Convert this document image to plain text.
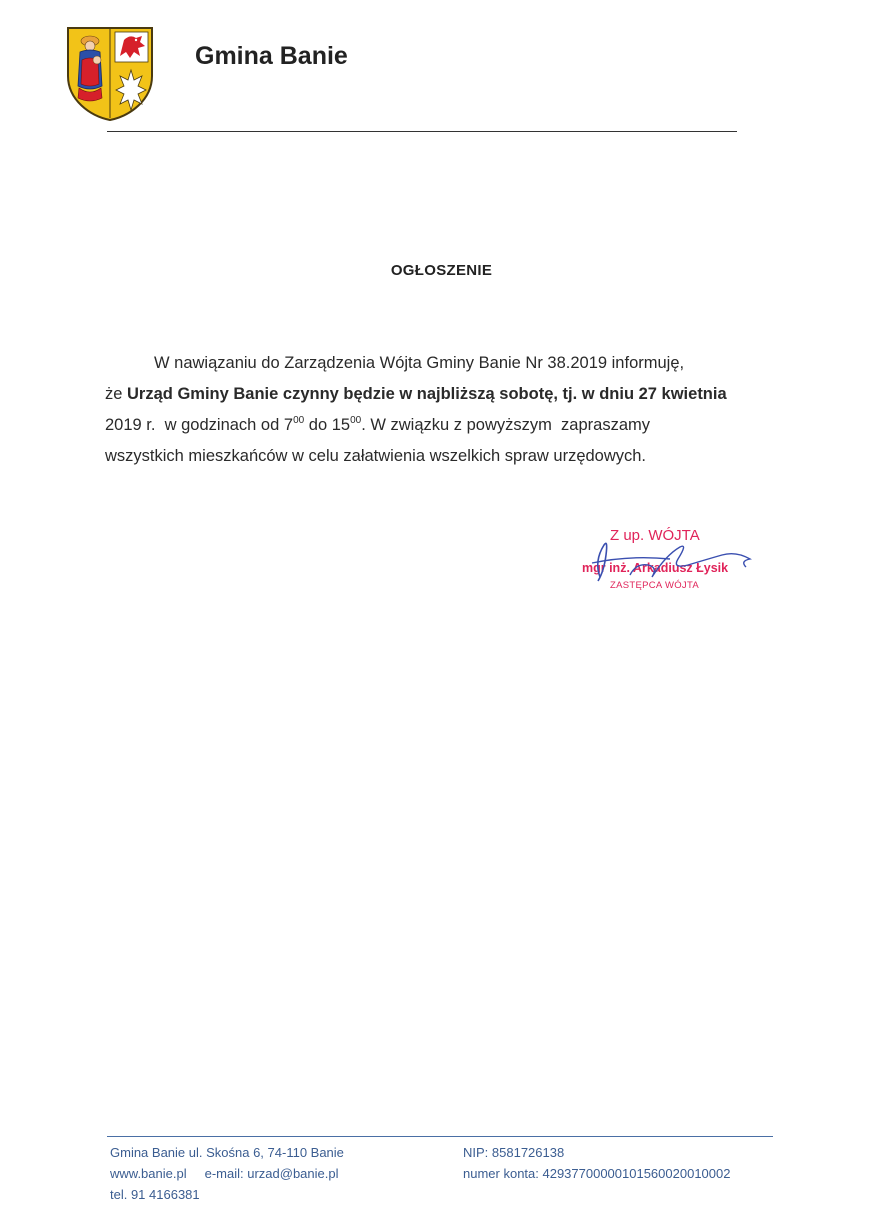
Gmina Banie
OGŁOSZENIE
W nawiązaniu do Zarządzenia Wójta Gminy Banie Nr 38.2019 informuję,
że Urząd Gminy Banie czynny będzie w najbliższą sobotę, tj. w dniu 27 kwietnia
2019 r.  w godzinach od $7^{00}$ do $15^{00}$. W związku z powyższym  zapraszamy
wszystkich mieszkańców w celu załatwienia wszelkich spraw urzędowych.
Z up. WÓJTA
mgr inż. Arkadiusz Łysik
ZASTĘPCA WÓJTA
Gmina Banie ul. Skośna 6, 74-110 Banie
www.banie.pl e-mail: urzad@banie.pl
tel. 91 4166381
NIP: 8581726138
numer konta: 42937700000101560020010002
